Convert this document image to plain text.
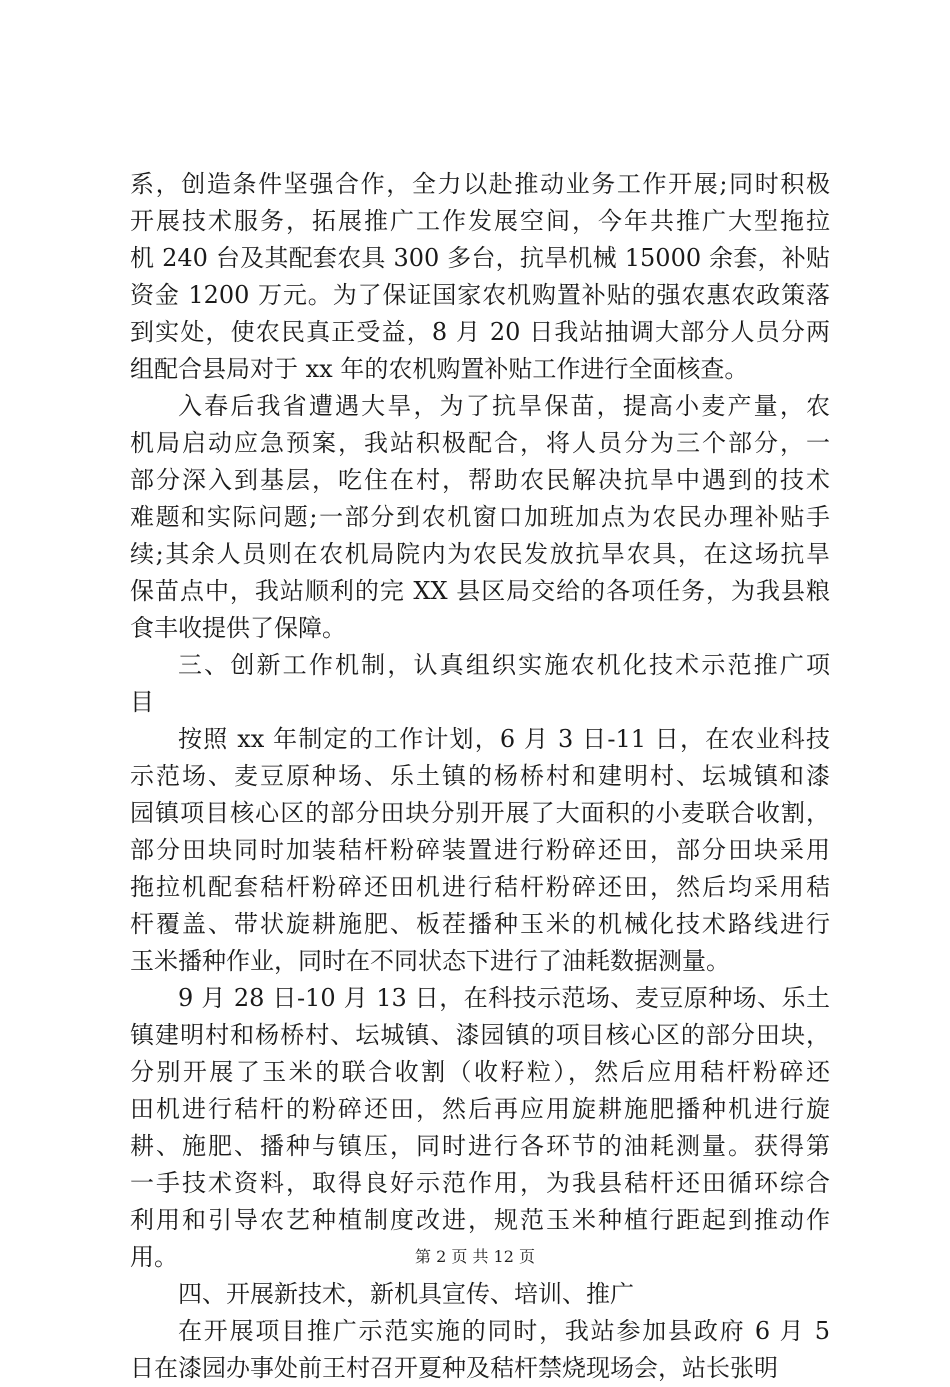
系，创造条件坚强合作，全力以赴推动业务工作开展;同时积极
开展技术服务，拓展推广工作发展空间，今年共推广大型拖拉
机 240 台及其配套农具 300 多台，抗旱机械 15000 余套，补贴
资金 1200 万元。为了保证国家农机购置补贴的强农惠农政策落
到实处，使农民真正受益，8 月 20 日我站抽调大部分人员分两
组配合县局对于 xx 年的农机购置补贴工作进行全面核查。
入春后我省遭遇大旱，为了抗旱保苗，提高小麦产量，农
机局启动应急预案，我站积极配合，将人员分为三个部分，一
部分深入到基层，吃住在村，帮助农民解决抗旱中遇到的技术
难题和实际问题;一部分到农机窗口加班加点为农民办理补贴手
续;其余人员则在农机局院内为农民发放抗旱农具，在这场抗旱
保苗点中，我站顺利的完 XX 县区局交给的各项任务，为我县粮
食丰收提供了保障。
三、创新工作机制，认真组织实施农机化技术示范推广项
目
按照 xx 年制定的工作计划，6 月 3 日-11 日，在农业科技
示范场、麦豆原种场、乐土镇的杨桥村和建明村、坛城镇和漆
园镇项目核心区的部分田块分别开展了大面积的小麦联合收割，
部分田块同时加装秸杆粉碎装置进行粉碎还田，部分田块采用
拖拉机配套秸杆粉碎还田机进行秸杆粉碎还田，然后均采用秸
杆覆盖、带状旋耕施肥、板茬播种玉米的机械化技术路线进行
玉米播种作业，同时在不同状态下进行了油耗数据测量。
9 月 28 日-10 月 13 日，在科技示范场、麦豆原种场、乐土
镇建明村和杨桥村、坛城镇、漆园镇的项目核心区的部分田块，
分别开展了玉米的联合收割（收籽粒），然后应用秸杆粉碎还
田机进行秸杆的粉碎还田，然后再应用旋耕施肥播种机进行旋
耕、施肥、播种与镇压，同时进行各环节的油耗测量。获得第
一手技术资料，取得良好示范作用，为我县秸杆还田循环综合
利用和引导农艺种植制度改进，规范玉米种植行距起到推动作
用。
四、开展新技术，新机具宣传、培训、推广
在开展项目推广示范实施的同时，我站参加县政府 6 月 5
日在漆园办事处前王村召开夏种及秸杆禁烧现场会，站长张明
第 2 页 共 12 页
